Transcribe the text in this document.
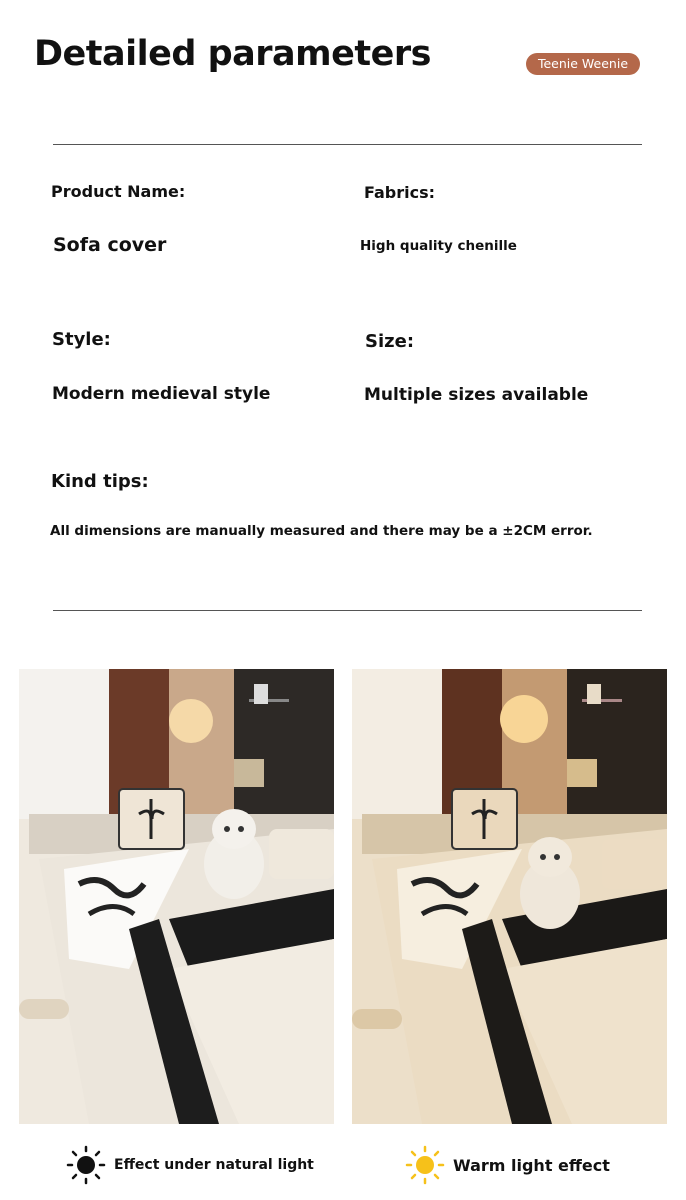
Detailed parameters	Teenie Weenie
Product Name:	Fabrics:
Sofa cover	High quality chenille
Style:	Size:
Modern medieval style	Multiple sizes available
Kind tips:
All dimensions are manually measured and there may be a ±2CM error.
Effect under natural light	Warm light effect
